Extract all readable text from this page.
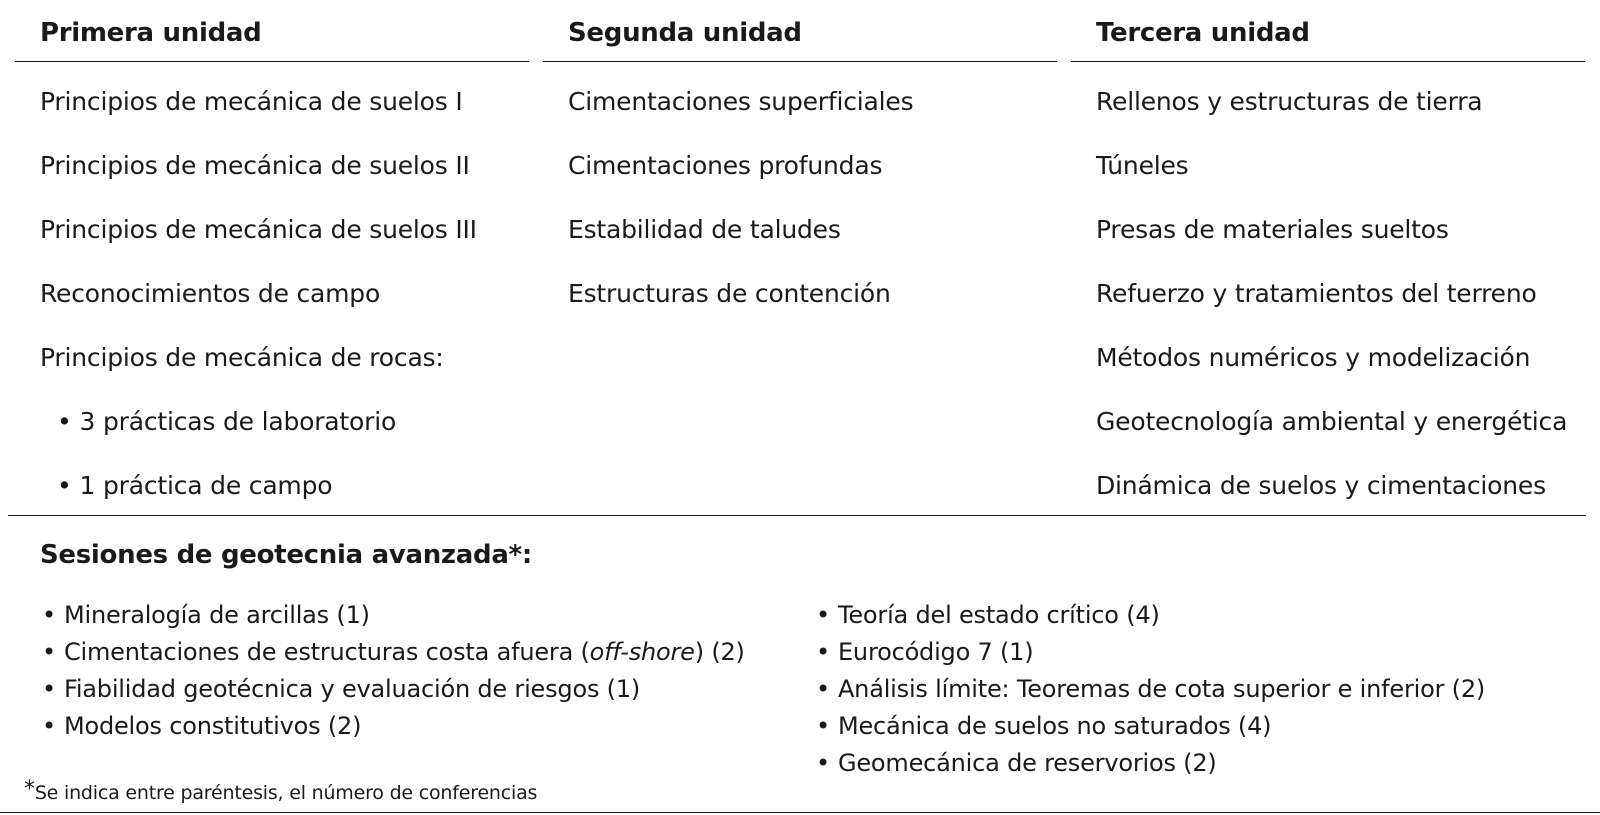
Primera unidad
Principios de mecánica de suelos I
Principios de mecánica de suelos II
Principios de mecánica de suelos III
Reconocimientos de campo
Principios de mecánica de rocas:
• 3 prácticas de laboratorio
• 1 práctica de campo
Segunda unidad
Cimentaciones superficiales
Cimentaciones profundas
Estabilidad de taludes
Estructuras de contención
Tercera unidad
Rellenos y estructuras de tierra
Túneles
Presas de materiales sueltos
Refuerzo y tratamientos del terreno
Métodos numéricos y modelización
Geotecnología ambiental y energética
Dinámica de suelos y cimentaciones
Sesiones de geotecnia avanzada*:
• Mineralogía de arcillas (1)
• Cimentaciones de estructuras costa afuera (off-shore) (2)
• Fiabilidad geotécnica y evaluación de riesgos (1)
• Modelos constitutivos (2)
• Teoría del estado crítico (4)
• Eurocódigo 7 (1)
• Análisis límite: Teoremas de cota superior e inferior (2)
• Mecánica de suelos no saturados (4)
• Geomecánica de reservorios (2)
*Se indica entre paréntesis, el número de conferencias
